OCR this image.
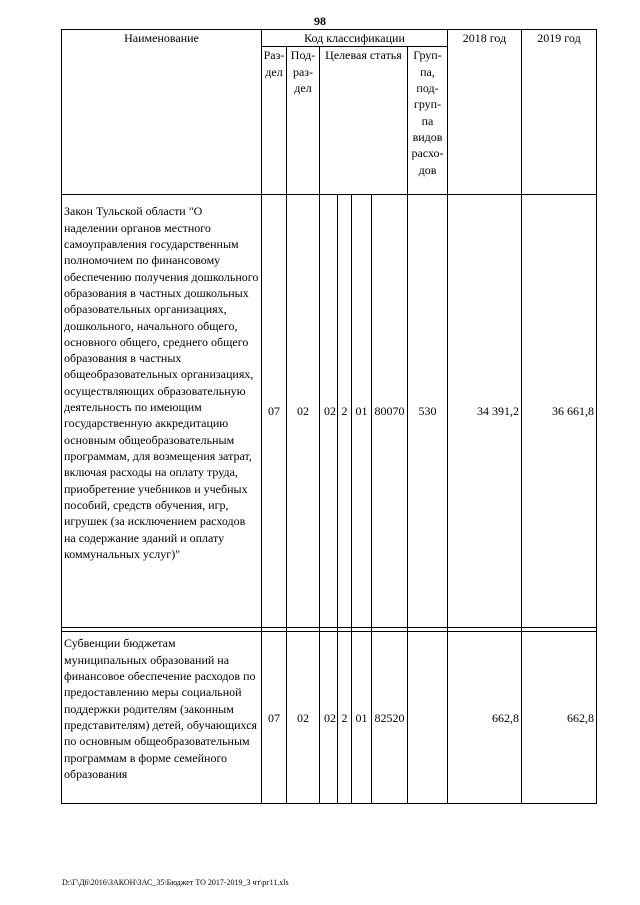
98
Наименование	Код классификации							2018 год	2019 год
	Раз-дел	Под-раз-дел	Целевая статья				Груп-па, под-груп-па видов расхо-дов		
Закон Тульской области "О наделении органов местного самоуправления государственным полномочием по финансовому обеспечению получения дошкольного образования в частных дошкольных образовательных организациях, дошкольного, начального общего, основного общего, среднего общего образования в частных общеобразовательных организациях, осуществляющих образовательную деятельность по имеющим государственную аккредитацию основным общеобразовательным программам, для возмещения затрат, включая расходы на оплату труда, приобретение учебников и учебных пособий, средств обучения, игр, игрушек (за исключением расходов на содержание зданий и оплату коммунальных услуг)"	07	02	02	2	01	80070	530	34 391,2	36 661,8

Субвенции бюджетам муниципальных образований на финансовое обеспечение расходов по предоставлению меры социальной поддержки родителям (законным представителям) детей, обучающихся по основным общеобразовательным программам в форме семейного образования	07	02	02	2	01	82520		662,8	662,8
D:\Г\Д6\2016\ЗАКОН\ЗАС_35\Бюджет ТО 2017-2019_3 чт\рг11.xls
